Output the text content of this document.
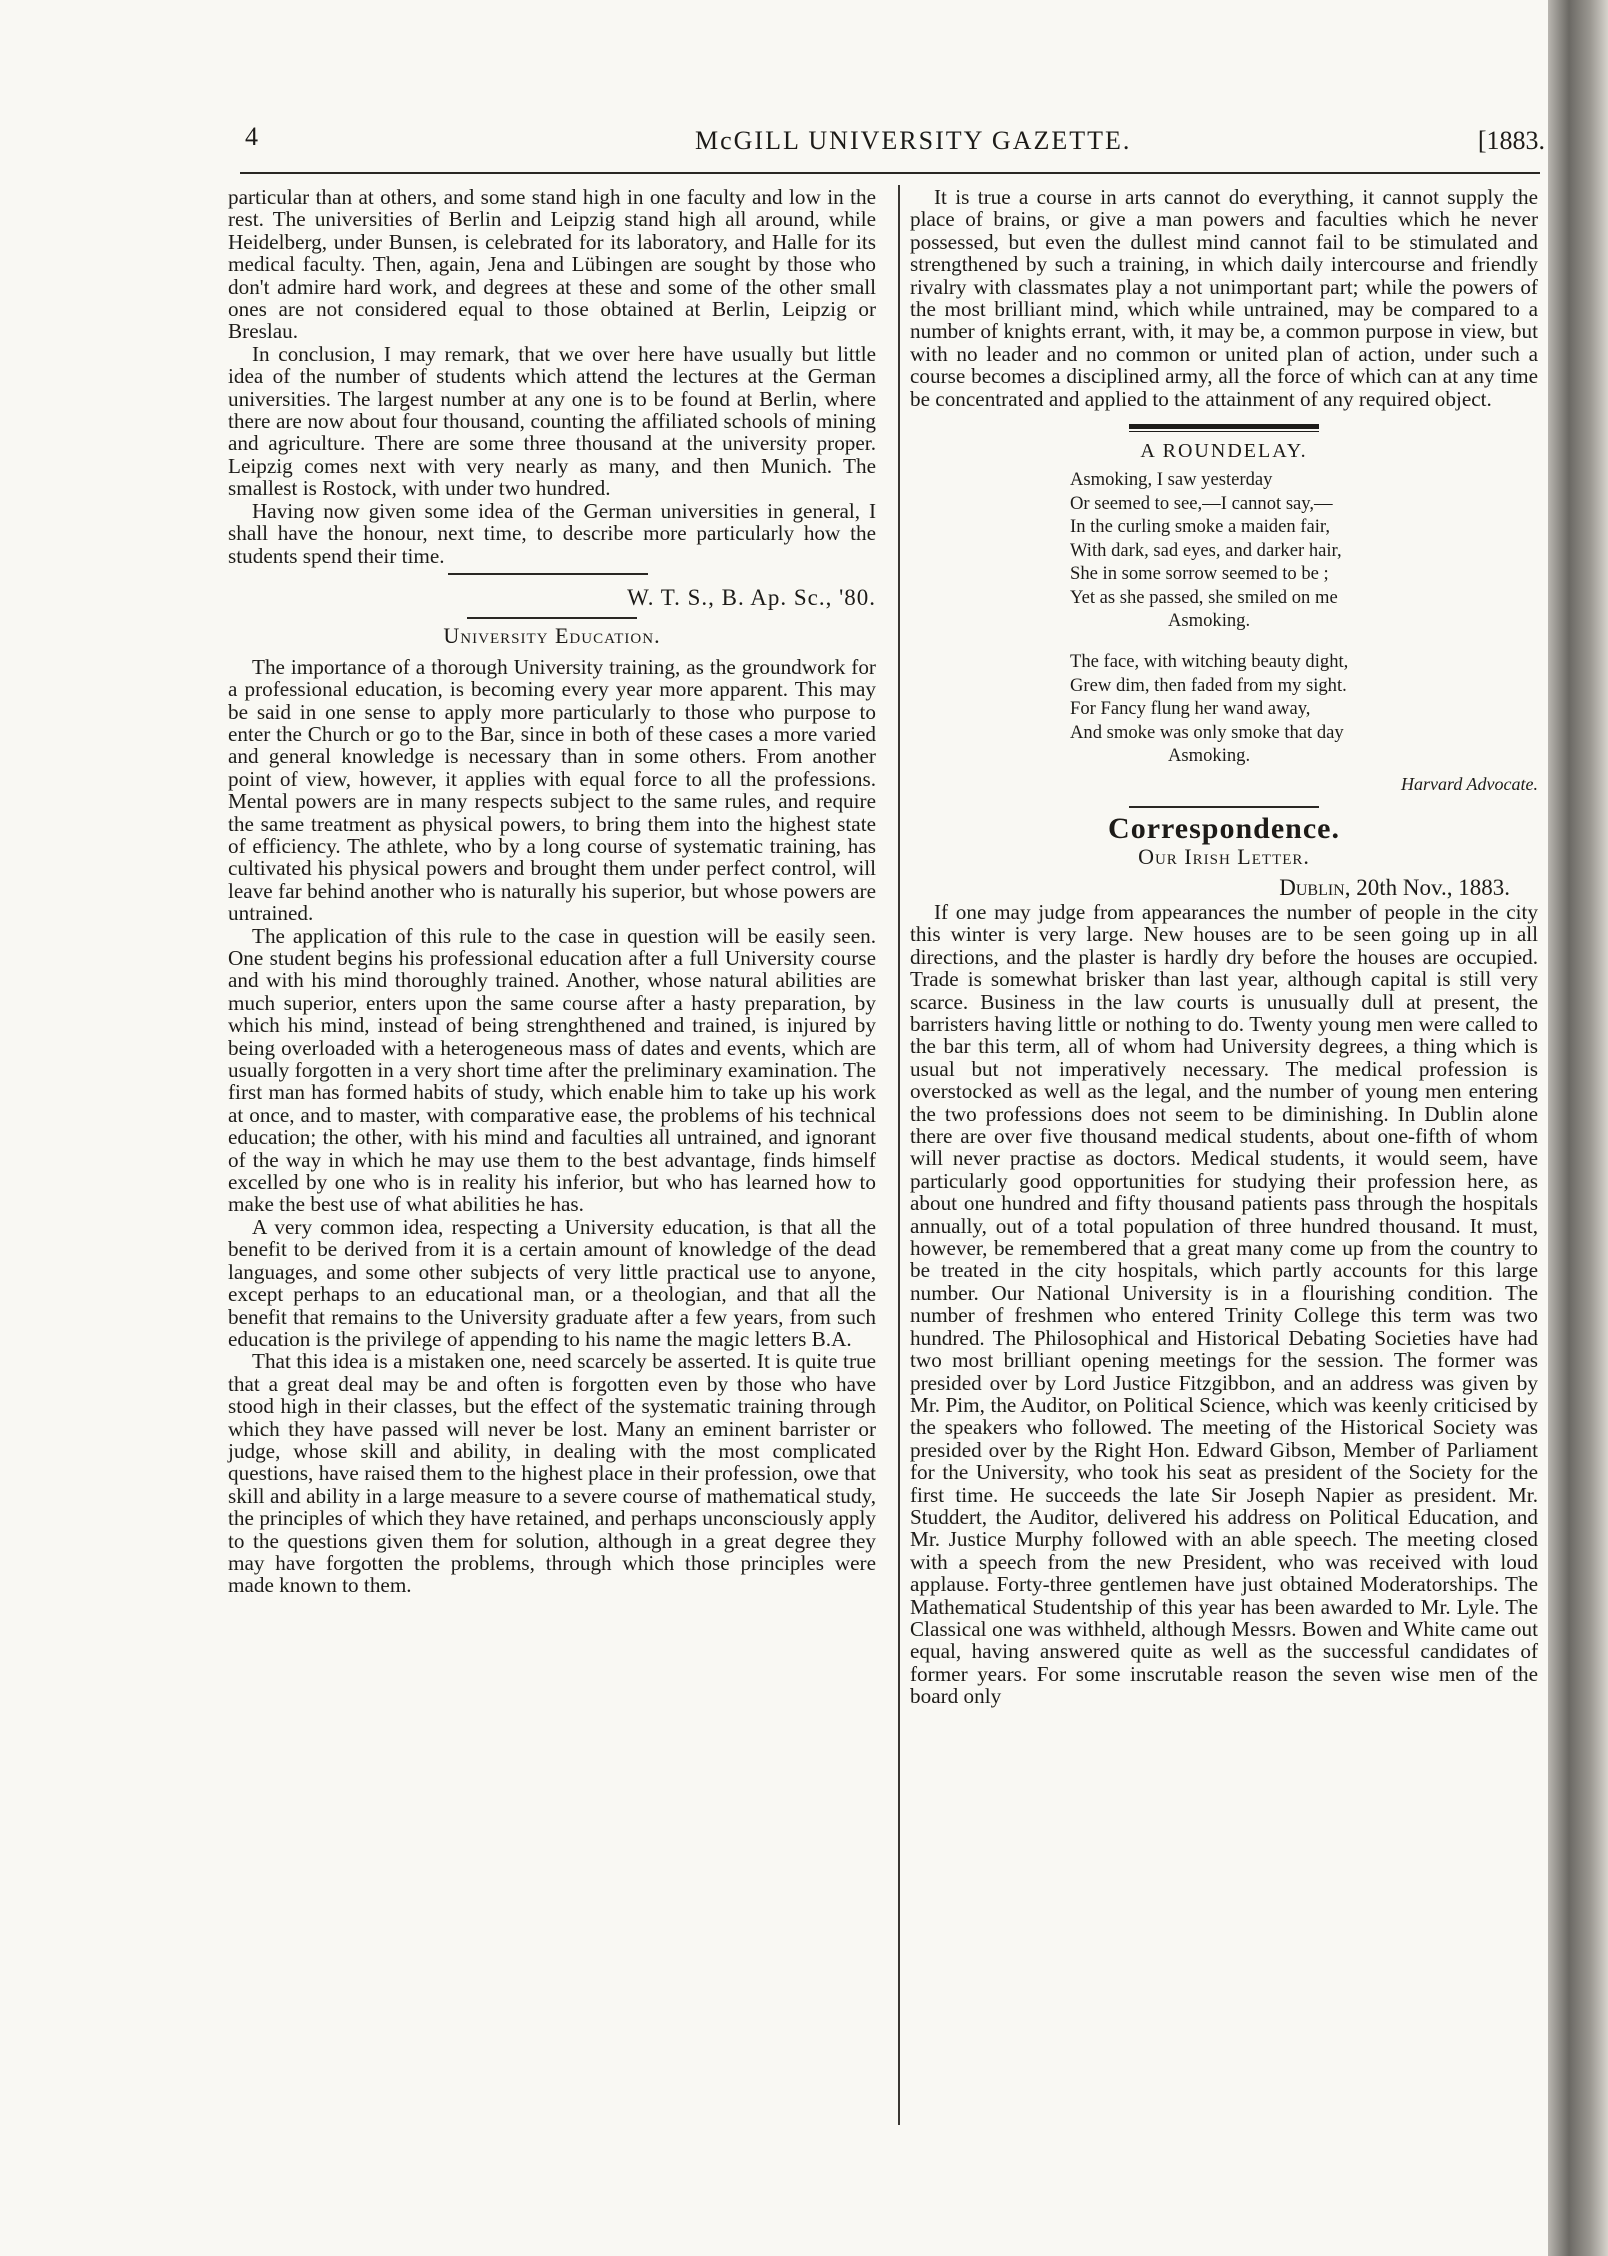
4	McGILL UNIVERSITY GAZETTE.	[1883.

particular than at others, and some stand high in one faculty and low in the rest. The universities of Berlin and Leipzig stand high all around, while Heidelberg, under Bunsen, is celebrated for its laboratory, and Halle for its medical faculty. Then, again, Jena and Lübingen are sought by those who don't admire hard work, and degrees at these and some of the other small ones are not considered equal to those obtained at Berlin, Leipzig or Breslau.

In conclusion, I may remark, that we over here have usually but little idea of the number of students which attend the lectures at the German universities. The largest number at any one is to be found at Berlin, where there are now about four thousand, counting the affiliated schools of mining and agriculture. There are some three thousand at the university proper. Leipzig comes next with very nearly as many, and then Munich. The smallest is Rostock, with under two hundred.

Having now given some idea of the German universities in general, I shall have the honour, next time, to describe more particularly how the students spend their time.

W. T. S., B. Ap. Sc., '80.
University Education.

The importance of a thorough University training, as the groundwork for a professional education, is becoming every year more apparent. This may be said in one sense to apply more particularly to those who purpose to enter the Church or go to the Bar, since in both of these cases a more varied and general knowledge is necessary than in some others. From another point of view, however, it applies with equal force to all the professions. Mental powers are in many respects subject to the same rules, and require the same treatment as physical powers, to bring them into the highest state of efficiency. The athlete, who by a long course of systematic training, has cultivated his physical powers and brought them under perfect control, will leave far behind another who is naturally his superior, but whose powers are untrained.

The application of this rule to the case in question will be easily seen. One student begins his professional education after a full University course and with his mind thoroughly trained. Another, whose natural abilities are much superior, enters upon the same course after a hasty preparation, by which his mind, instead of being strenghthened and trained, is injured by being overloaded with a heterogeneous mass of dates and events, which are usually forgotten in a very short time after the preliminary examination. The first man has formed habits of study, which enable him to take up his work at once, and to master, with comparative ease, the problems of his technical education; the other, with his mind and faculties all untrained, and ignorant of the way in which he may use them to the best advantage, finds himself excelled by one who is in reality his inferior, but who has learned how to make the best use of what abilities he has.

A very common idea, respecting a University education, is that all the benefit to be derived from it is a certain amount of knowledge of the dead languages, and some other subjects of very little practical use to anyone, except perhaps to an educational man, or a theologian, and that all the benefit that remains to the University graduate after a few years, from such education is the privilege of appending to his name the magic letters B.A.

That this idea is a mistaken one, need scarcely be asserted. It is quite true that a great deal may be and often is forgotten even by those who have stood high in their classes, but the effect of the systematic training through which they have passed will never be lost. Many an eminent barrister or judge, whose skill and ability, in dealing with the most complicated questions, have raised them to the highest place in their profession, owe that skill and ability in a large measure to a severe course of mathematical study, the principles of which they have retained, and perhaps unconsciously apply to the questions given them for solution, although in a great degree they may have forgotten the problems, through which those principles were made known to them.

It is true a course in arts cannot do everything, it cannot supply the place of brains, or give a man powers and faculties which he never possessed, but even the dullest mind cannot fail to be stimulated and strengthened by such a training, in which daily intercourse and friendly rivalry with classmates play a not unimportant part; while the powers of the most brilliant mind, which while untrained, may be compared to a number of knights errant, with, it may be, a common purpose in view, but with no leader and no common or united plan of action, under such a course becomes a disciplined army, all the force of which can at any time be concentrated and applied to the attainment of any required object.

A ROUNDELAY.
Asmoking, I saw yesterday
Or seemed to see,—I cannot say,—
In the curling smoke a maiden fair,
With dark, sad eyes, and darker hair,
She in some sorrow seemed to be ;
Yet as she passed, she smiled on me
Asmoking.
The face, with witching beauty dight,
Grew dim, then faded from my sight.
For Fancy flung her wand away,
And smoke was only smoke that day
Asmoking.
Harvard Advocate.
Correspondence.
Our Irish Letter.
Dublin, 20th Nov., 1883.

If one may judge from appearances the number of people in the city this winter is very large. New houses are to be seen going up in all directions, and the plaster is hardly dry before the houses are occupied. Trade is somewhat brisker than last year, although capital is still very scarce. Business in the law courts is unusually dull at present, the barristers having little or nothing to do. Twenty young men were called to the bar this term, all of whom had University degrees, a thing which is usual but not imperatively necessary. The medical profession is overstocked as well as the legal, and the number of young men entering the two professions does not seem to be diminishing. In Dublin alone there are over five thousand medical students, about one-fifth of whom will never practise as doctors. Medical students, it would seem, have particularly good opportunities for studying their profession here, as about one hundred and fifty thousand patients pass through the hospitals annually, out of a total population of three hundred thousand. It must, however, be remembered that a great many come up from the country to be treated in the city hospitals, which partly accounts for this large number. Our National University is in a flourishing condition. The number of freshmen who entered Trinity College this term was two hundred. The Philosophical and Historical Debating Societies have had two most brilliant opening meetings for the session. The former was presided over by Lord Justice Fitzgibbon, and an address was given by Mr. Pim, the Auditor, on Political Science, which was keenly criticised by the speakers who followed. The meeting of the Historical Society was presided over by the Right Hon. Edward Gibson, Member of Parliament for the University, who took his seat as president of the Society for the first time. He succeeds the late Sir Joseph Napier as president. Mr. Studdert, the Auditor, delivered his address on Political Education, and Mr. Justice Murphy followed with an able speech. The meeting closed with a speech from the new President, who was received with loud applause. Forty-three gentlemen have just obtained Moderatorships. The Mathematical Studentship of this year has been awarded to Mr. Lyle. The Classical one was withheld, although Messrs. Bowen and White came out equal, having answered quite as well as the successful candidates of former years. For some inscrutable reason the seven wise men of the board only
